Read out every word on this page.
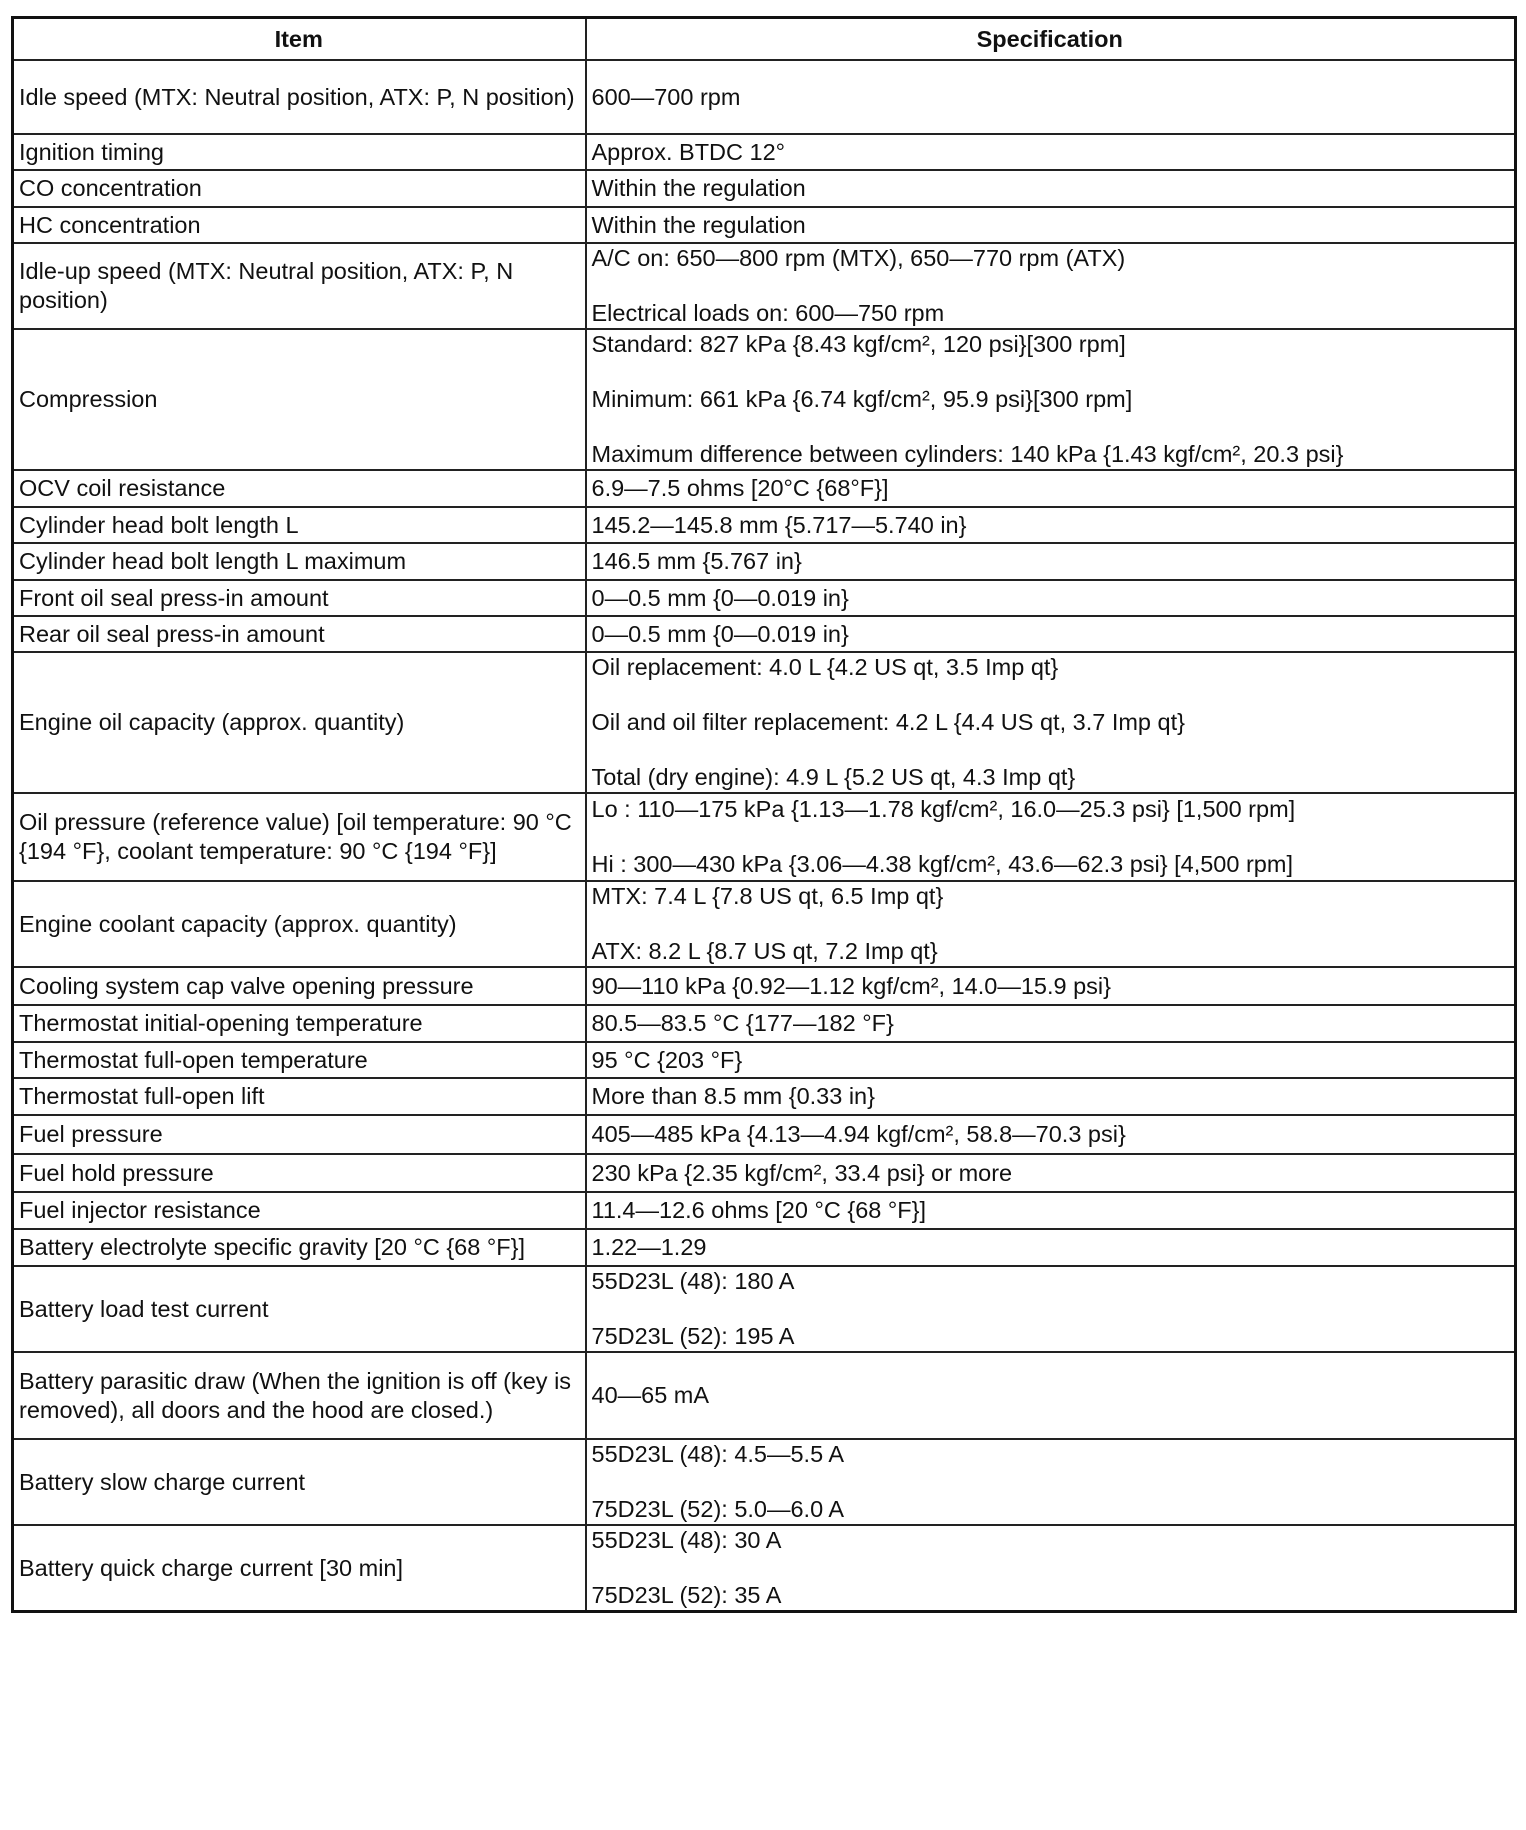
Item	Specification
Idle speed (MTX: Neutral position, ATX: P, N position)	600—700 rpm

Ignition timing	Approx. BTDC 12°

CO concentration	Within the regulation

HC concentration	Within the regulation

Idle-up speed (MTX: Neutral position, ATX: P, N position)	A/C on: 650—800 rpm (MTX), 650—770 rpm (ATX)
Electrical loads on: 600—750 rpm

Compression	Standard: 827 kPa {8.43 kgf/cm², 120 psi}[300 rpm]
Minimum: 661 kPa {6.74 kgf/cm², 95.9 psi}[300 rpm]
Maximum difference between cylinders: 140 kPa {1.43 kgf/cm², 20.3 psi}

OCV coil resistance	6.9—7.5 ohms [20°C {68°F}]

Cylinder head bolt length L	145.2—145.8 mm {5.717—5.740 in}

Cylinder head bolt length L maximum	146.5 mm {5.767 in}

Front oil seal press-in amount	0—0.5 mm {0—0.019 in}

Rear oil seal press-in amount	0—0.5 mm {0—0.019 in}

Engine oil capacity (approx. quantity)	Oil replacement: 4.0 L {4.2 US qt, 3.5 Imp qt}
Oil and oil filter replacement: 4.2 L {4.4 US qt, 3.7 Imp qt}
Total (dry engine): 4.9 L {5.2 US qt, 4.3 Imp qt}

Oil pressure (reference value) [oil temperature: 90 °C {194 °F}, coolant temperature: 90 °C {194 °F}]	Lo : 110—175 kPa {1.13—1.78 kgf/cm², 16.0—25.3 psi} [1,500 rpm]
Hi : 300—430 kPa {3.06—4.38 kgf/cm², 43.6—62.3 psi} [4,500 rpm]

Engine coolant capacity (approx. quantity)	MTX: 7.4 L {7.8 US qt, 6.5 Imp qt}
ATX: 8.2 L {8.7 US qt, 7.2 Imp qt}

Cooling system cap valve opening pressure	90—110 kPa {0.92—1.12 kgf/cm², 14.0—15.9 psi}

Thermostat initial-opening temperature	80.5—83.5 °C {177—182 °F}

Thermostat full-open temperature	95 °C {203 °F}

Thermostat full-open lift	More than 8.5 mm {0.33 in}

Fuel pressure	405—485 kPa {4.13—4.94 kgf/cm², 58.8—70.3 psi}

Fuel hold pressure	230 kPa {2.35 kgf/cm², 33.4 psi} or more

Fuel injector resistance	11.4—12.6 ohms [20 °C {68 °F}]

Battery electrolyte specific gravity [20 °C {68 °F}]	1.22—1.29

Battery load test current	55D23L (48): 180 A
75D23L (52): 195 A

Battery parasitic draw (When the ignition is off (key is removed), all doors and the hood are closed.)	40—65 mA

Battery slow charge current	55D23L (48): 4.5—5.5 A
75D23L (52): 5.0—6.0 A

Battery quick charge current [30 min]	55D23L (48): 30 A
75D23L (52): 35 A
